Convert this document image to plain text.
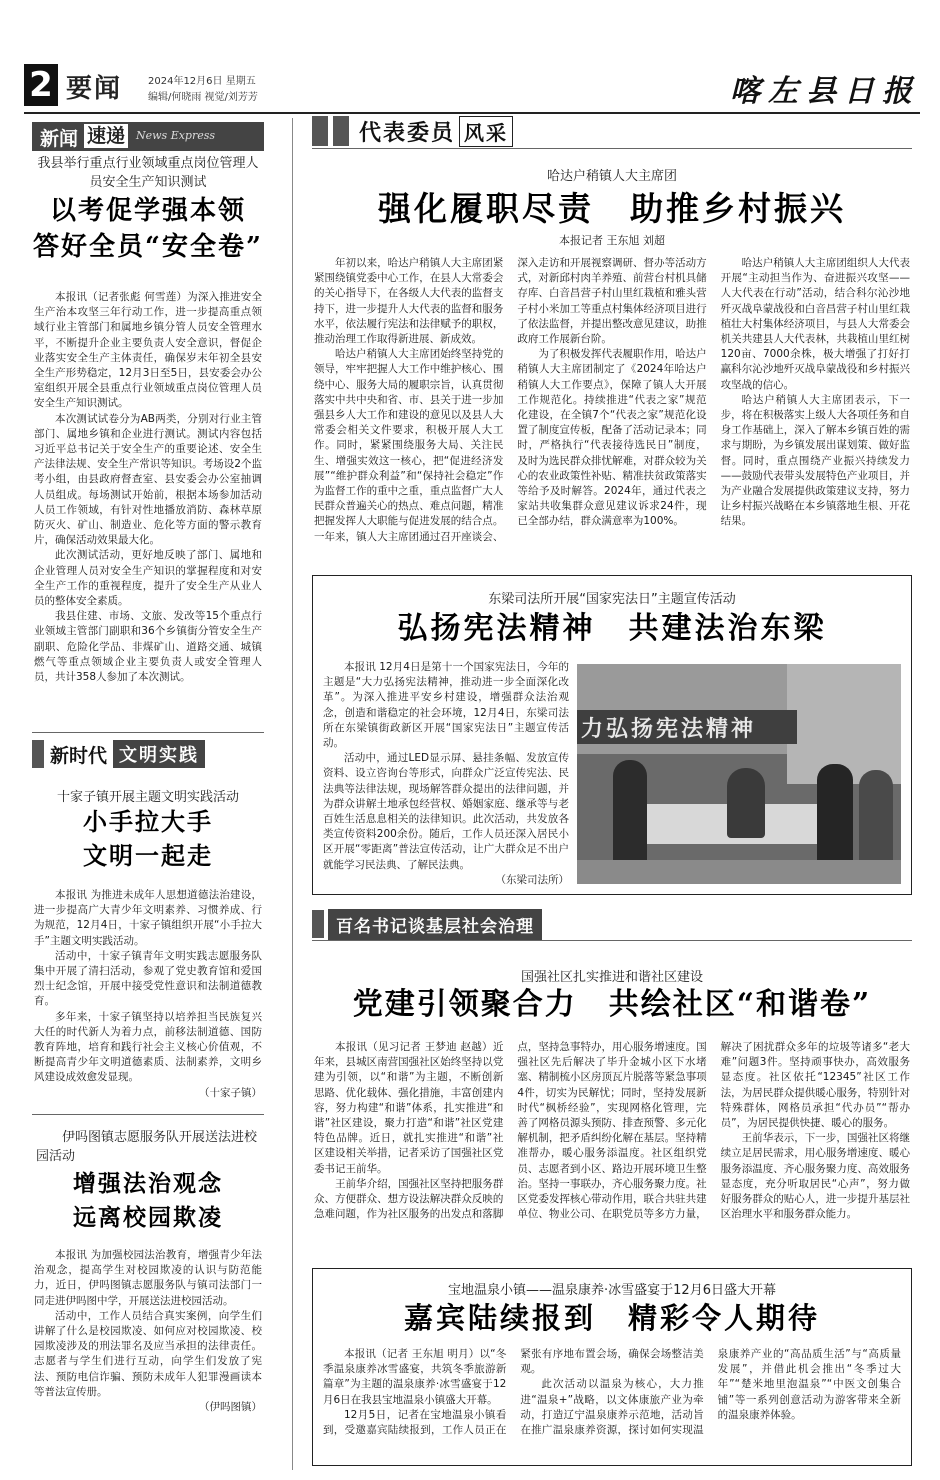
2 要闻	2024年12月6日 星期五
编辑/何晓雨 视觉/刘芳芳	喀左县日报
新闻 速递 News Express
我县举行重点行业领域重点岗位管理人员安全生产知识测试
以考促学强本领
答好全员“安全卷”

本报讯（记者张彪 何雪莲）为深入推进安全生产治本攻坚三年行动工作，进一步提高重点领域行业主管部门和属地乡镇分管人员安全管理水平，不断提升企业主要负责人安全意识，督促企业落实安全生产主体责任，确保岁末年初全县安全生产形势稳定，12月3日至5日，县安委会办公室组织开展全县重点行业领域重点岗位管理人员安全生产知识测试。

本次测试试卷分为AB两类，分别对行业主管部门、属地乡镇和企业进行测试。测试内容包括习近平总书记关于安全生产的重要论述、安全生产法律法规、安全生产常识等知识。考场设2个监考小组，由县政府督查室、县安委会办公室抽调人员组成。每场测试开始前，根据本场参加活动人员工作领域，有针对性地播放消防、森林草原防灭火、矿山、制造业、危化等方面的警示教育片，确保活动效果最大化。

此次测试活动，更好地反映了部门、属地和企业管理人员对安全生产知识的掌握程度和对安全生产工作的重视程度，提升了安全生产从业人员的整体安全素质。

我县住建、市场、文旅、发改等15个重点行业领域主管部门副职和36个乡镇街分管安全生产副职、危险化学品、非煤矿山、道路交通、城镇燃气等重点领域企业主要负责人或安全管理人员，共计358人参加了本次测试。

新时代 文明实践
十家子镇开展主题文明实践活动
小手拉大手
文明一起走

本报讯 为推进未成年人思想道德法治建设，进一步提高广大青少年文明素养、习惯养成、行为规范，12月4日，十家子镇组织开展“小手拉大手”主题文明实践活动。

活动中，十家子镇青年文明实践志愿服务队集中开展了清扫活动，参观了党史教育馆和爱国烈士纪念馆，开展中接受党性意识和法制道德教育。

多年来，十家子镇坚持以培养担当民族复兴大任的时代新人为着力点，前移法制道德、国防教育阵地，培育和践行社会主义核心价值观，不断提高青少年文明道德素质、法制素养，文明乡风建设成效愈发显现。

（十家子镇）
伊吗图镇志愿服务队开展送法进校园活动
增强法治观念
远离校园欺凌

本报讯 为加强校园法治教育，增强青少年法治观念，提高学生对校园欺凌的认识与防范能力，近日，伊吗图镇志愿服务队与镇司法部门一同走进伊吗图中学，开展送法进校园活动。

活动中，工作人员结合真实案例，向学生们讲解了什么是校园欺凌、如何应对校园欺凌、校园欺凌涉及的刑法罪名及应当承担的法律责任。志愿者与学生们进行互动，向学生们发放了宪法、预防电信诈骗、预防未成年人犯罪漫画读本等普法宣传册。

（伊吗图镇）
代表委员 风采
哈达户稍镇人大主席团
强化履职尽责　助推乡村振兴
本报记者 王东旭 刘超

年初以来，哈达户稍镇人大主席团紧紧围绕镇党委中心工作，在县人大常委会的关心指导下，在各级人大代表的监督支持下，进一步提升人大代表的监督和服务水平，依法履行宪法和法律赋予的职权，推动治理工作取得新进展、新成效。

哈达户稍镇人大主席团始终坚持党的领导，牢牢把握人大工作中维护核心、围绕中心、服务大局的履职宗旨，认真贯彻落实中共中央和省、市、县关于进一步加强县乡人大工作和建设的意见以及县人大常委会相关文件要求，积极开展人大工作。同时，紧紧围绕服务大局、关注民生、增强实效这一核心，把“促进经济发展”“维护群众利益”和“保持社会稳定”作为监督工作的重中之重，重点监督广大人民群众普遍关心的热点、难点问题，精准把握发挥人大职能与促进发展的结合点。一年来，镇人大主席团通过召开座谈会、深入走访和开展视察调研、督办等活动方式，对新邱村肉羊养殖、前营台村机具储存库、白音昌营子村山里红栽植和雅头营子村小米加工等重点村集体经济项目进行了依法监督，并提出整改意见建议，助推政府工作展新台阶。

为了积极发挥代表履职作用，哈达户稍镇人大主席团制定了《2024年哈达户稍镇人大工作要点》，保障了镇人大开展工作规范化。持续推进“代表之家”规范化建设，在全镇7个“代表之家”规范化设置了制度宣传板，配备了活动记录本；同时，严格执行“代表接待选民日”制度，及时为选民群众排忧解难，对群众较为关心的农业政策性补贴、精准扶贫政策落实等给予及时解答。2024年，通过代表之家站共收集群众意见建议诉求24件，现已全部办结，群众满意率为100%。

哈达户稍镇人大主席团组织人大代表开展“主动担当作为、奋进振兴攻坚——人大代表在行动”活动，结合科尔沁沙地歼灭战阜蒙战役和白音昌营子村山里红栽植壮大村集体经济项目，与县人大常委会机关共建县人大代表林，共栽植山里红树120亩、7000余株，极大增强了打好打赢科尔沁沙地歼灭战阜蒙战役和乡村振兴攻坚战的信心。

哈达户稍镇人大主席团表示，下一步，将在积极落实上级人大各项任务和自身工作基础上，深入了解本乡镇百姓的需求与期盼，为乡镇发展出谋划策、做好监督。同时，重点围绕产业振兴持续发力——鼓励代表带头发展特色产业项目，并为产业融合发展提供政策建议支持，努力让乡村振兴战略在本乡镇落地生根、开花结果。

东梁司法所开展“国家宪法日”主题宣传活动
弘扬宪法精神　共建法治东梁

本报讯 12月4日是第十一个国家宪法日，今年的主题是“大力弘扬宪法精神，推动进一步全面深化改革”。为深入推进平安乡村建设，增强群众法治观念，创造和谐稳定的社会环境，12月4日，东梁司法所在东梁镇街政新区开展“国家宪法日”主题宣传活动。

活动中，通过LED显示屏、悬挂条幅、发放宣传资料、设立咨询台等形式，向群众广泛宣传宪法、民法典等法律法规，现场解答群众提出的法律问题，并为群众讲解土地承包经营权、婚姻家庭、继承等与老百姓生活息息相关的法律知识。此次活动，共发放各类宣传资料200余份。随后，工作人员还深入居民小区开展“零距离”普法宣传活动，让广大群众足不出户就能学习民法典、了解民法典。

（东梁司法所）
力弘扬宪法精神
百名书记谈基层社会治理
国强社区扎实推进和谐社区建设
党建引领聚合力　共绘社区“和谐卷”

本报讯（见习记者 王梦迪 赵越）近年来，县城区南营国强社区始终坚持以党建为引领，以“和谐”为主题，不断创新思路、优化载体、强化措施，丰富创建内容，努力构建“和谐”体系，扎实推进“和谐”社区建设，聚力打造“和谐”社区党建特色品牌。近日，就扎实推进“和谐”社区建设相关举措，记者采访了国强社区党委书记王前华。

王前华介绍，国强社区坚持把服务群众、方便群众、想方设法解决群众反映的急难问题，作为社区服务的出发点和落脚点，坚持急事特办，用心服务增速度。国强社区先后解决了毕升金城小区下水堵塞、精制梳小区房顶瓦片脱落等紧急事项4件，切实为民解忧；同时，坚持发展新时代“枫桥经验”，实现网格化管理，完善了网格员源头预防、排查预警、多元化解机制，把矛盾纠纷化解在基层。坚持精准帮办，暖心服务添温度。社区组织党员、志愿者到小区、路边开展环境卫生整治。坚持一事联办，齐心服务聚力度。社区党委发挥核心带动作用，联合共驻共建单位、物业公司、在职党员等多方力量，解决了困扰群众多年的垃圾等诸多“老大难”问题3件。坚持顽事快办，高效服务显态度。社区依托“12345”社区工作法，为居民群众提供暖心服务，特别针对特殊群体，网格员承担“代办员”“帮办员”，为居民提供快捷、暖心的服务。

王前华表示，下一步，国强社区将继续立足居民需求，用心服务增速度、暖心服务添温度、齐心服务聚力度、高效服务显态度，充分听取居民“心声”，努力做好服务群众的贴心人，进一步提升基层社区治理水平和服务群众能力。

宝地温泉小镇——温泉康养·冰雪盛宴于12月6日盛大开幕
嘉宾陆续报到　精彩令人期待

本报讯（记者 王东旭 明月）以“冬季温泉康养冰雪盛宴，共筑冬季旅游新篇章”为主题的温泉康养·冰雪盛宴于12月6日在我县宝地温泉小镇盛大开幕。

12月5日，记者在宝地温泉小镇看到，受邀嘉宾陆续报到，工作人员正在紧张有序地布置会场，确保会场整洁美观。

此次活动以温泉为核心，大力推进“温泉+”战略，以文体康旅产业为牵动，打造辽宁温泉康养示范地，活动旨在推广温泉康养资源，探讨如何实现温泉康养产业的“高品质生活”与“高质量发展”，并借此机会推出“冬季过大年”“楚米地里泡温泉”“中医文创集合铺”等一系列创意活动为游客带来全新的温泉康养体验。
